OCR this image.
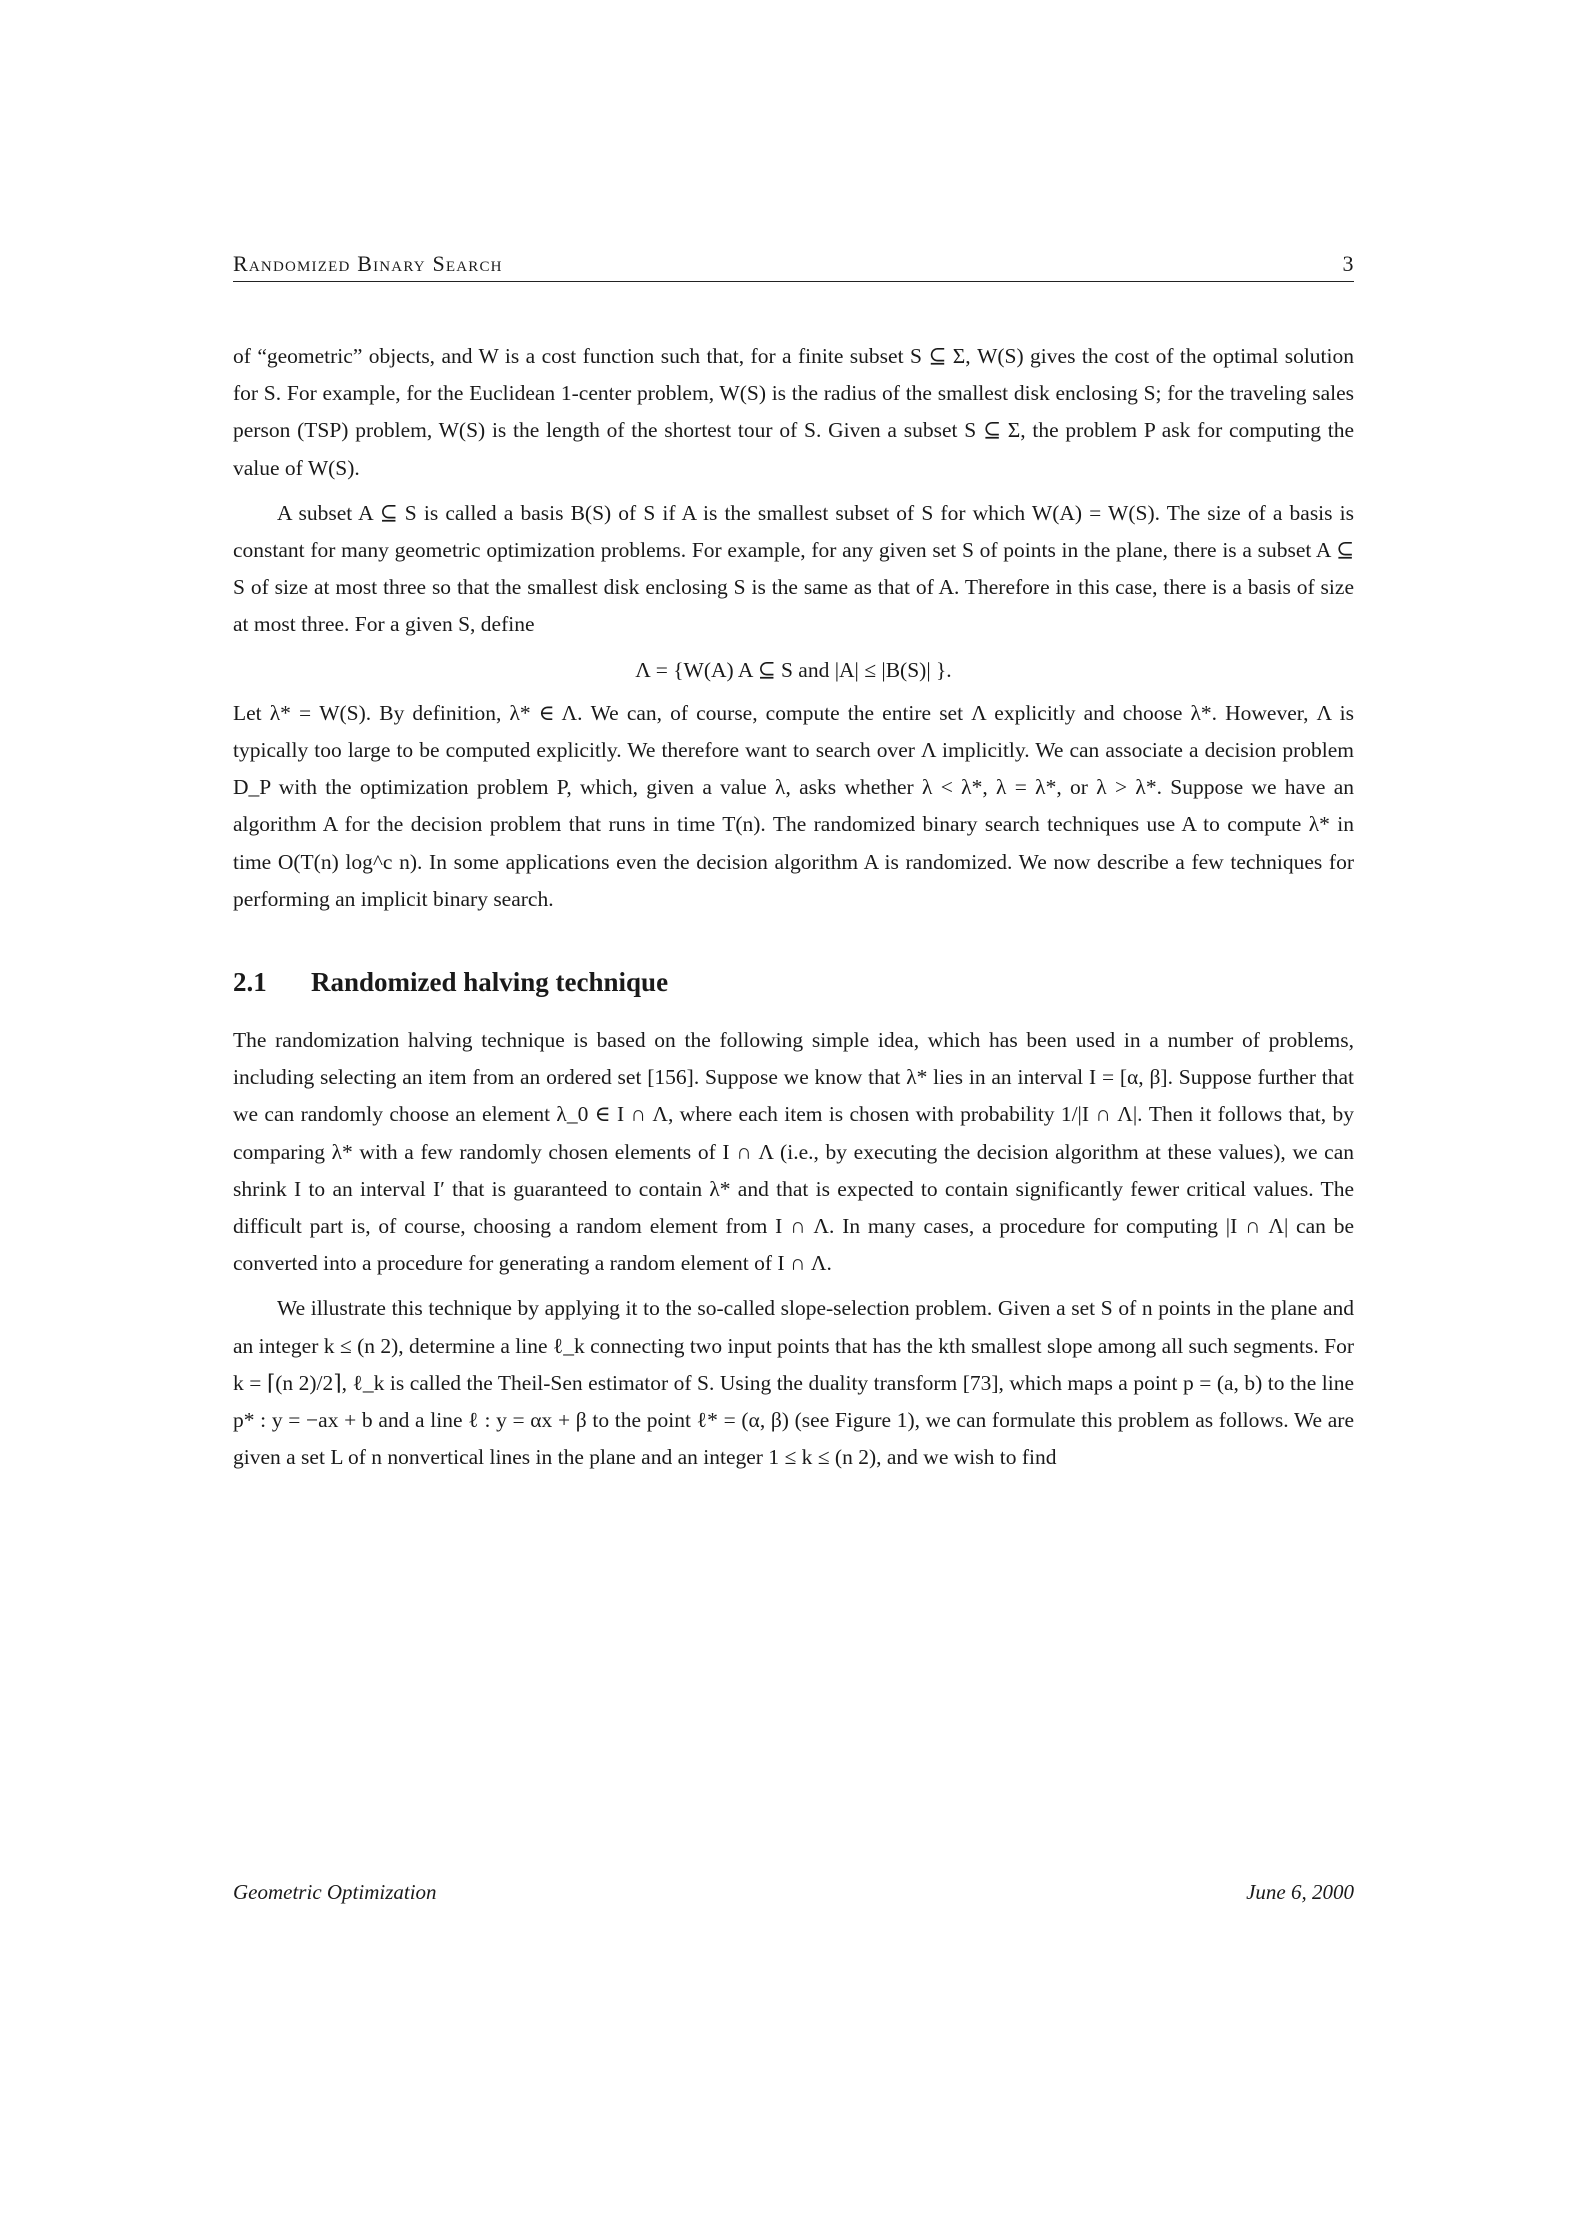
Randomized Binary Search	3

of “geometric” objects, and W is a cost function such that, for a finite subset S ⊆ Σ, W(S) gives the cost of the optimal solution for S. For example, for the Euclidean 1-center problem, W(S) is the radius of the smallest disk enclosing S; for the traveling sales person (TSP) problem, W(S) is the length of the shortest tour of S. Given a subset S ⊆ Σ, the problem P ask for computing the value of W(S).

A subset A ⊆ S is called a basis B(S) of S if A is the smallest subset of S for which W(A) = W(S). The size of a basis is constant for many geometric optimization problems. For example, for any given set S of points in the plane, there is a subset A ⊆ S of size at most three so that the smallest disk enclosing S is the same as that of A. Therefore in this case, there is a basis of size at most three. For a given S, define

Λ = {W(A) A ⊆ S and |A| ≤ |B(S)| }.

Let λ* = W(S). By definition, λ* ∈ Λ. We can, of course, compute the entire set Λ explicitly and choose λ*. However, Λ is typically too large to be computed explicitly. We therefore want to search over Λ implicitly. We can associate a decision problem D_P with the optimization problem P, which, given a value λ, asks whether λ < λ*, λ = λ*, or λ > λ*. Suppose we have an algorithm A for the decision problem that runs in time T(n). The randomized binary search techniques use A to compute λ* in time O(T(n) log^c n). In some applications even the decision algorithm A is randomized. We now describe a few techniques for performing an implicit binary search.

2.1 Randomized halving technique

The randomization halving technique is based on the following simple idea, which has been used in a number of problems, including selecting an item from an ordered set [156]. Suppose we know that λ* lies in an interval I = [α, β]. Suppose further that we can randomly choose an element λ_0 ∈ I ∩ Λ, where each item is chosen with probability 1/|I ∩ Λ|. Then it follows that, by comparing λ* with a few randomly chosen elements of I ∩ Λ (i.e., by executing the decision algorithm at these values), we can shrink I to an interval I′ that is guaranteed to contain λ* and that is expected to contain significantly fewer critical values. The difficult part is, of course, choosing a random element from I ∩ Λ. In many cases, a procedure for computing |I ∩ Λ| can be converted into a procedure for generating a random element of I ∩ Λ.

We illustrate this technique by applying it to the so-called slope-selection problem. Given a set S of n points in the plane and an integer k ≤ (n 2), determine a line ℓ_k connecting two input points that has the kth smallest slope among all such segments. For k = ⌈(n 2)/2⌉, ℓ_k is called the Theil-Sen estimator of S. Using the duality transform [73], which maps a point p = (a, b) to the line p* : y = −ax + b and a line ℓ : y = αx + β to the point ℓ* = (α, β) (see Figure 1), we can formulate this problem as follows. We are given a set L of n nonvertical lines in the plane and an integer 1 ≤ k ≤ (n 2), and we wish to find

Geometric Optimization	June 6, 2000
